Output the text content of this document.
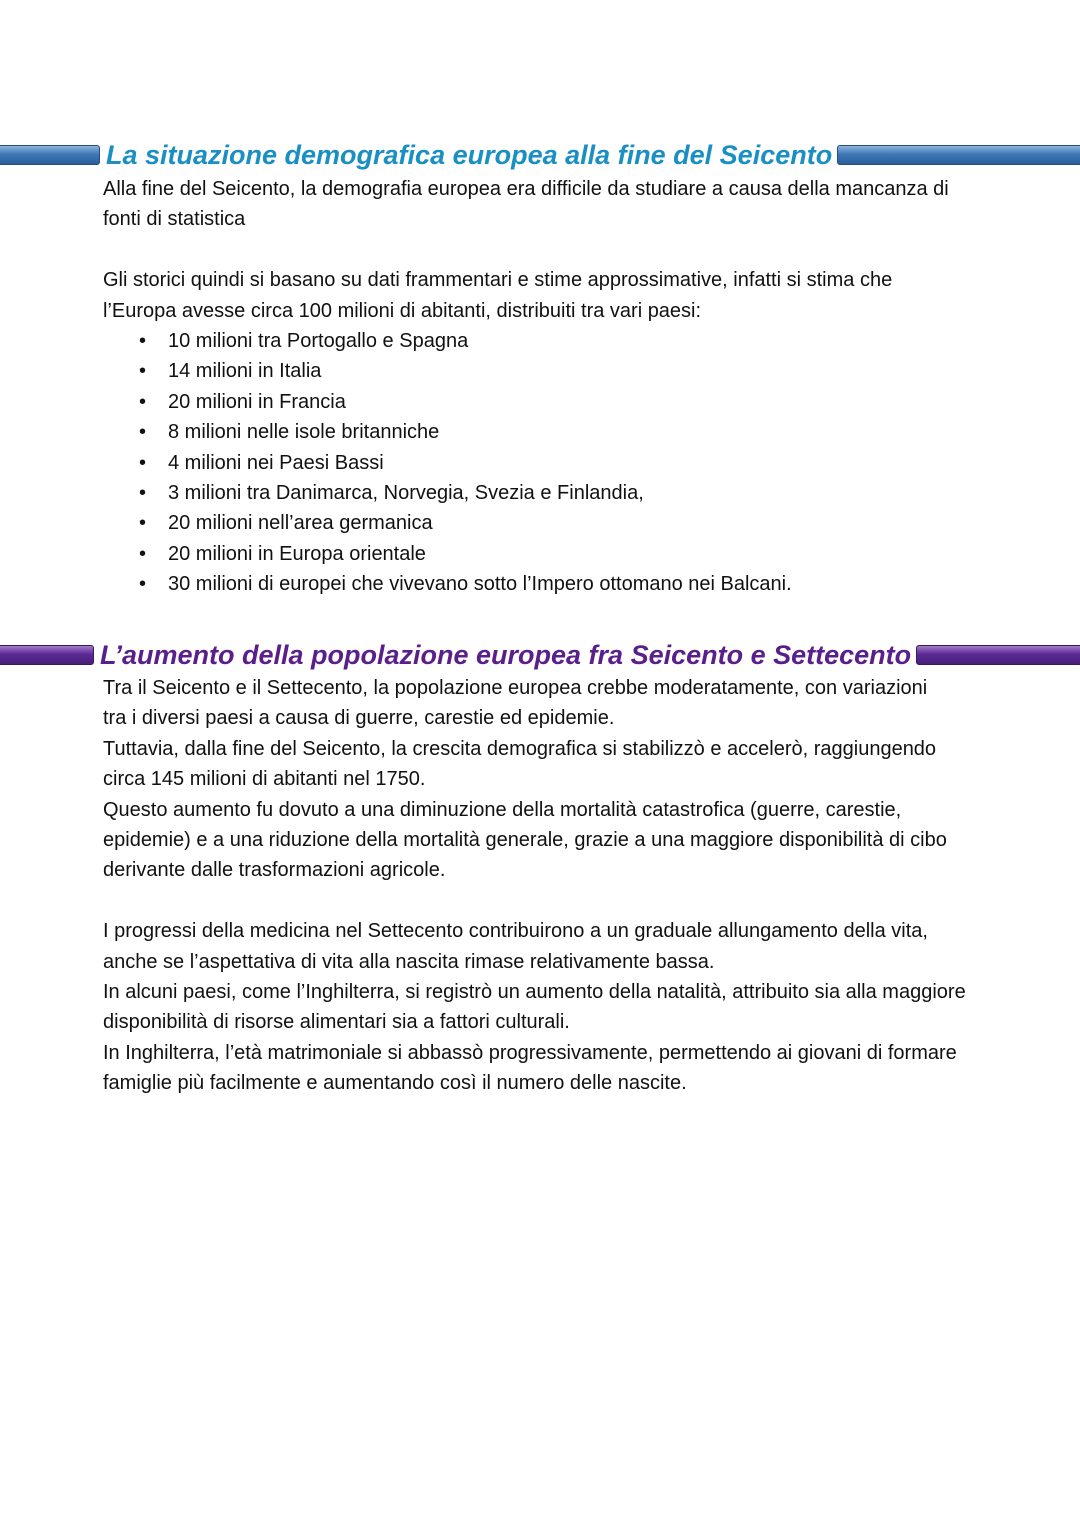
La situazione demografica europea alla fine del Seicento

Alla fine del Seicento, la demografia europea era difficile da studiare a causa della mancanza di fonti di statistica

Gli storici quindi si basano su dati frammentari e stime approssimative, infatti si stima che l’Europa avesse circa 100 milioni di abitanti, distribuiti tra vari paesi:

• 10 milioni tra Portogallo e Spagna
• 14 milioni in Italia
• 20 milioni in Francia
• 8 milioni nelle isole britanniche
• 4 milioni nei Paesi Bassi
• 3 milioni tra Danimarca, Norvegia, Svezia e Finlandia,
• 20 milioni nell’area germanica
• 20 milioni in Europa orientale
• 30 milioni di europei che vivevano sotto l’Impero ottomano nei Balcani.
L’aumento della popolazione europea fra Seicento e Settecento

Tra il Seicento e il Settecento, la popolazione europea crebbe moderatamente, con variazioni tra i diversi paesi a causa di guerre, carestie ed epidemie.

Tuttavia, dalla fine del Seicento, la crescita demografica si stabilizzò e accelerò, raggiungendo circa 145 milioni di abitanti nel 1750.

Questo aumento fu dovuto a una diminuzione della mortalità catastrofica (guerre, carestie, epidemie) e a una riduzione della mortalità generale, grazie a una maggiore disponibilità di cibo derivante dalle trasformazioni agricole.

I progressi della medicina nel Settecento contribuirono a un graduale allungamento della vita, anche se l’aspettativa di vita alla nascita rimase relativamente bassa.

In alcuni paesi, come l’Inghilterra, si registrò un aumento della natalità, attribuito sia alla maggiore disponibilità di risorse alimentari sia a fattori culturali.

In Inghilterra, l’età matrimoniale si abbassò progressivamente, permettendo ai giovani di formare famiglie più facilmente e aumentando così il numero delle nascite.
